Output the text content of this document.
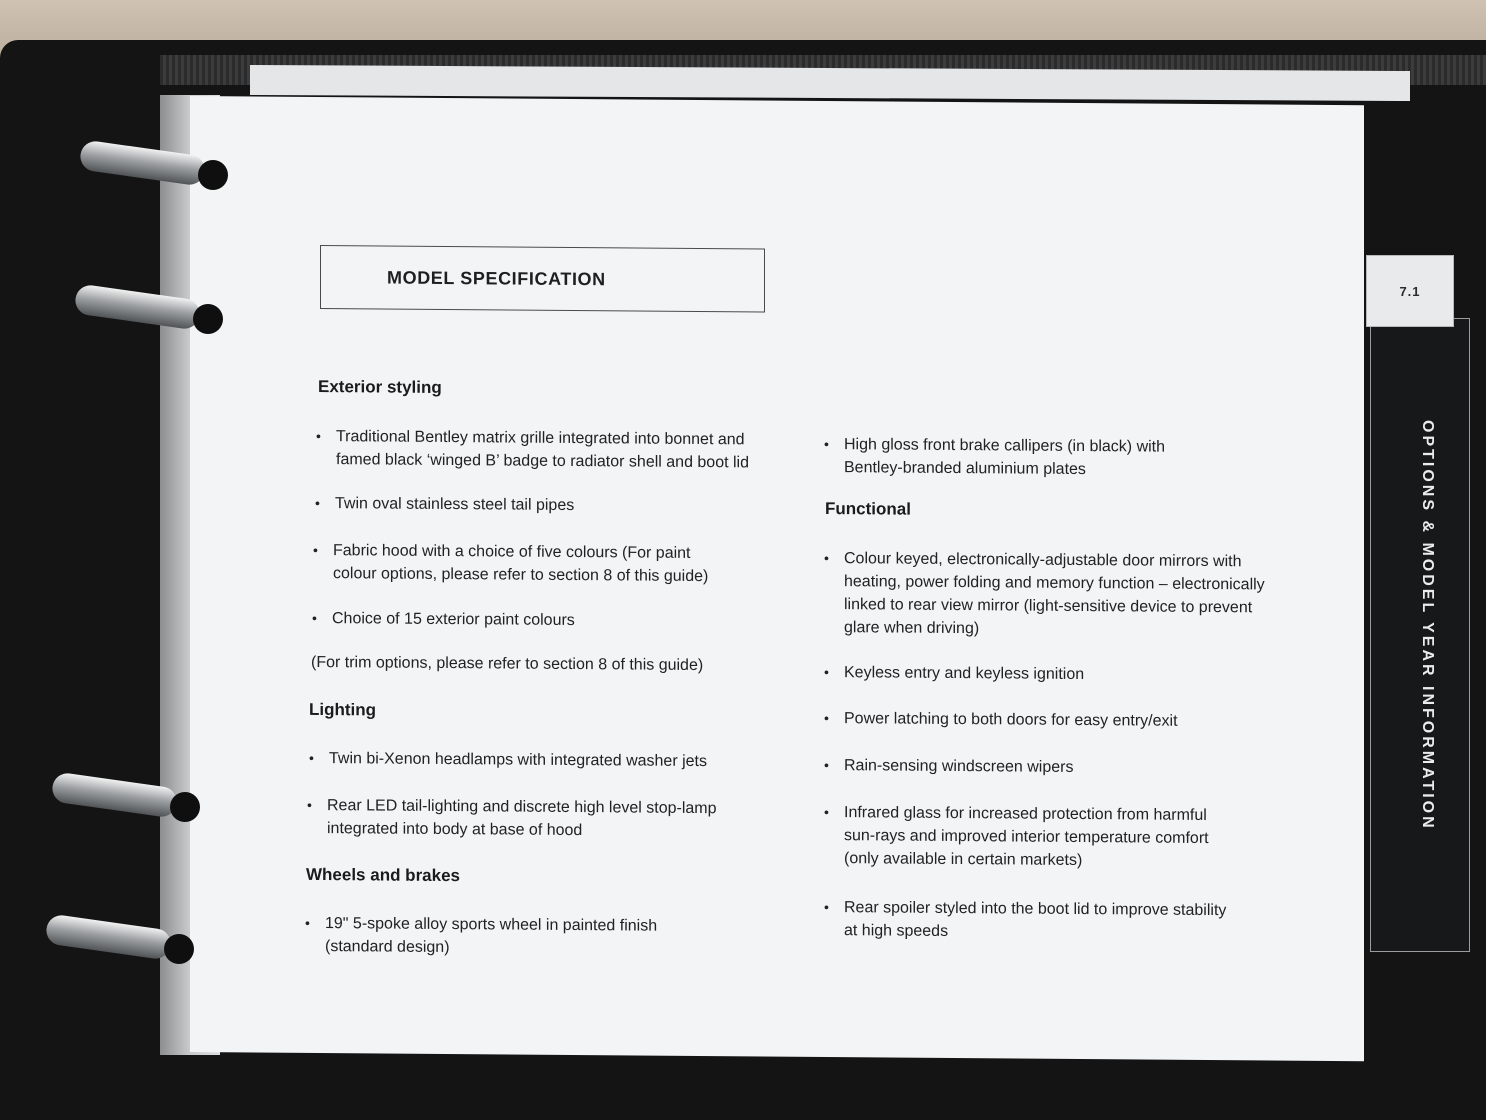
7.1
OPTIONS & MODEL YEAR INFORMATION
MODEL SPECIFICATION
Exterior styling
• Traditional Bentley matrix grille integrated into bonnet and
famed black ‘winged B’ badge to radiator shell and boot lid
• Twin oval stainless steel tail pipes
• Fabric hood with a choice of five colours (For paint
colour options, please refer to section 8 of this guide)
• Choice of 15 exterior paint colours
(For trim options, please refer to section 8 of this guide)
Lighting
• Twin bi-Xenon headlamps with integrated washer jets
• Rear LED tail-lighting and discrete high level stop-lamp
integrated into body at base of hood
Wheels and brakes
• 19" 5-spoke alloy sports wheel in painted finish
(standard design)
• High gloss front brake callipers (in black) with
Bentley-branded aluminium plates
Functional
• Colour keyed, electronically-adjustable door mirrors with
heating, power folding and memory function – electronically
linked to rear view mirror (light-sensitive device to prevent
glare when driving)
• Keyless entry and keyless ignition
• Power latching to both doors for easy entry/exit
• Rain-sensing windscreen wipers
• Infrared glass for increased protection from harmful
sun-rays and improved interior temperature comfort
(only available in certain markets)
• Rear spoiler styled into the boot lid to improve stability
at high speeds
